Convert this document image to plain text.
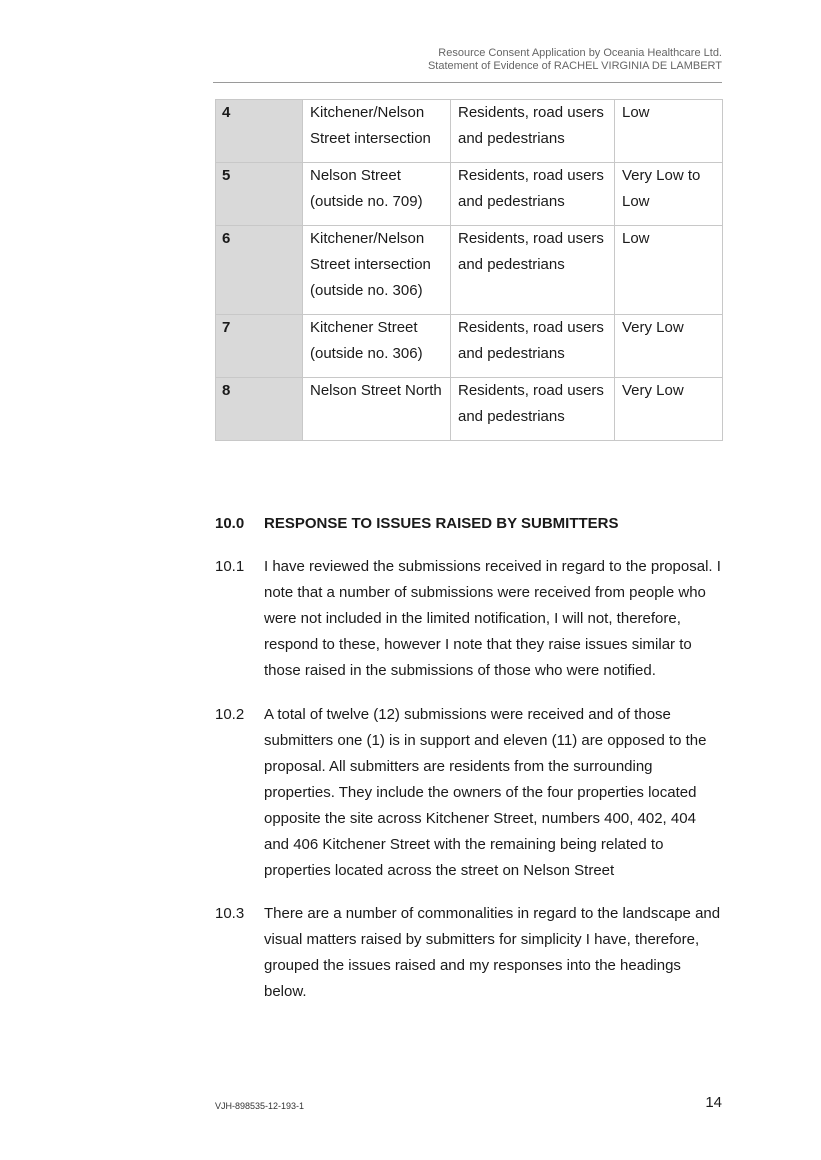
Resource Consent Application by Oceania Healthcare Ltd.
Statement of Evidence of RACHEL VIRGINIA DE LAMBERT
4	Kitchener/Nelson Street intersection	Residents, road users and pedestrians	Low
5	Nelson Street (outside no. 709)	Residents, road users and pedestrians	Very Low to Low
6	Kitchener/Nelson Street intersection (outside no. 306)	Residents, road users and pedestrians	Low
7	Kitchener Street (outside no. 306)	Residents, road users and pedestrians	Very Low
8	Nelson Street North	Residents, road users and pedestrians	Very Low
10.0 RESPONSE TO ISSUES RAISED BY SUBMITTERS
10.1 I have reviewed the submissions received in regard to the proposal. I note that a number of submissions were received from people who were not included in the limited notification, I will not, therefore, respond to these, however I note that they raise issues similar to those raised in the submissions of those who were notified.
10.2 A total of twelve (12) submissions were received and of those submitters one (1) is in support and eleven (11) are opposed to the proposal. All submitters are residents from the surrounding properties. They include the owners of the four properties located opposite the site across Kitchener Street, numbers 400, 402, 404 and 406 Kitchener Street with the remaining being related to properties located across the street on Nelson Street
10.3 There are a number of commonalities in regard to the landscape and visual matters raised by submitters for simplicity I have, therefore, grouped the issues raised and my responses into the headings below.
VJH-898535-12-193-1	14
